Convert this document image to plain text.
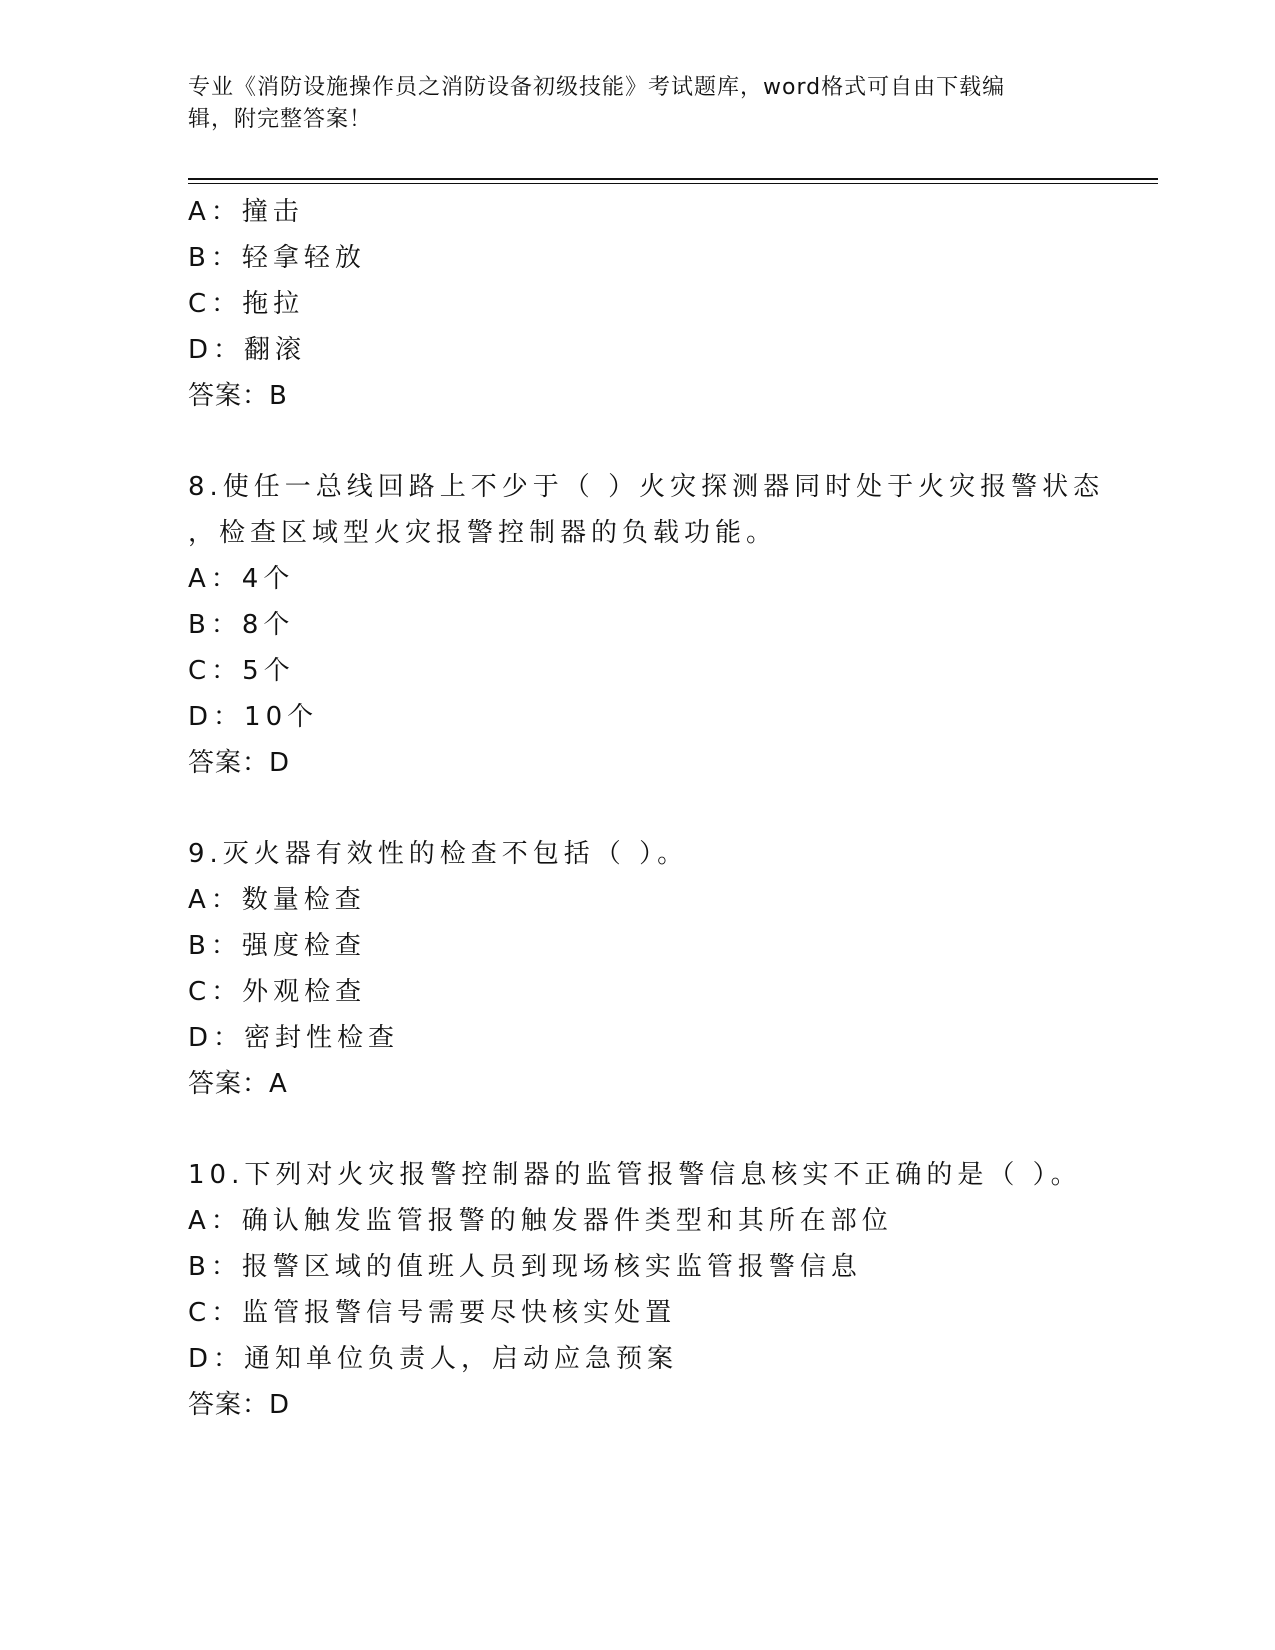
专业《消防设施操作员之消防设备初级技能》考试题库，word格式可自由下载编
辑，附完整答案！
A：撞击
B：轻拿轻放
C：拖拉
D：翻滚
答案：B
8.使任一总线回路上不少于（ ）火灾探测器同时处于火灾报警状态
，检查区域型火灾报警控制器的负载功能。
A：4个
B：8个
C：5个
D：10个
答案：D
9.灭火器有效性的检查不包括（ ）。
A：数量检查
B：强度检查
C：外观检查
D：密封性检查
答案：A
10.下列对火灾报警控制器的监管报警信息核实不正确的是（ ）。
A：确认触发监管报警的触发器件类型和其所在部位
B：报警区域的值班人员到现场核实监管报警信息
C：监管报警信号需要尽快核实处置
D：通知单位负责人，启动应急预案
答案：D
